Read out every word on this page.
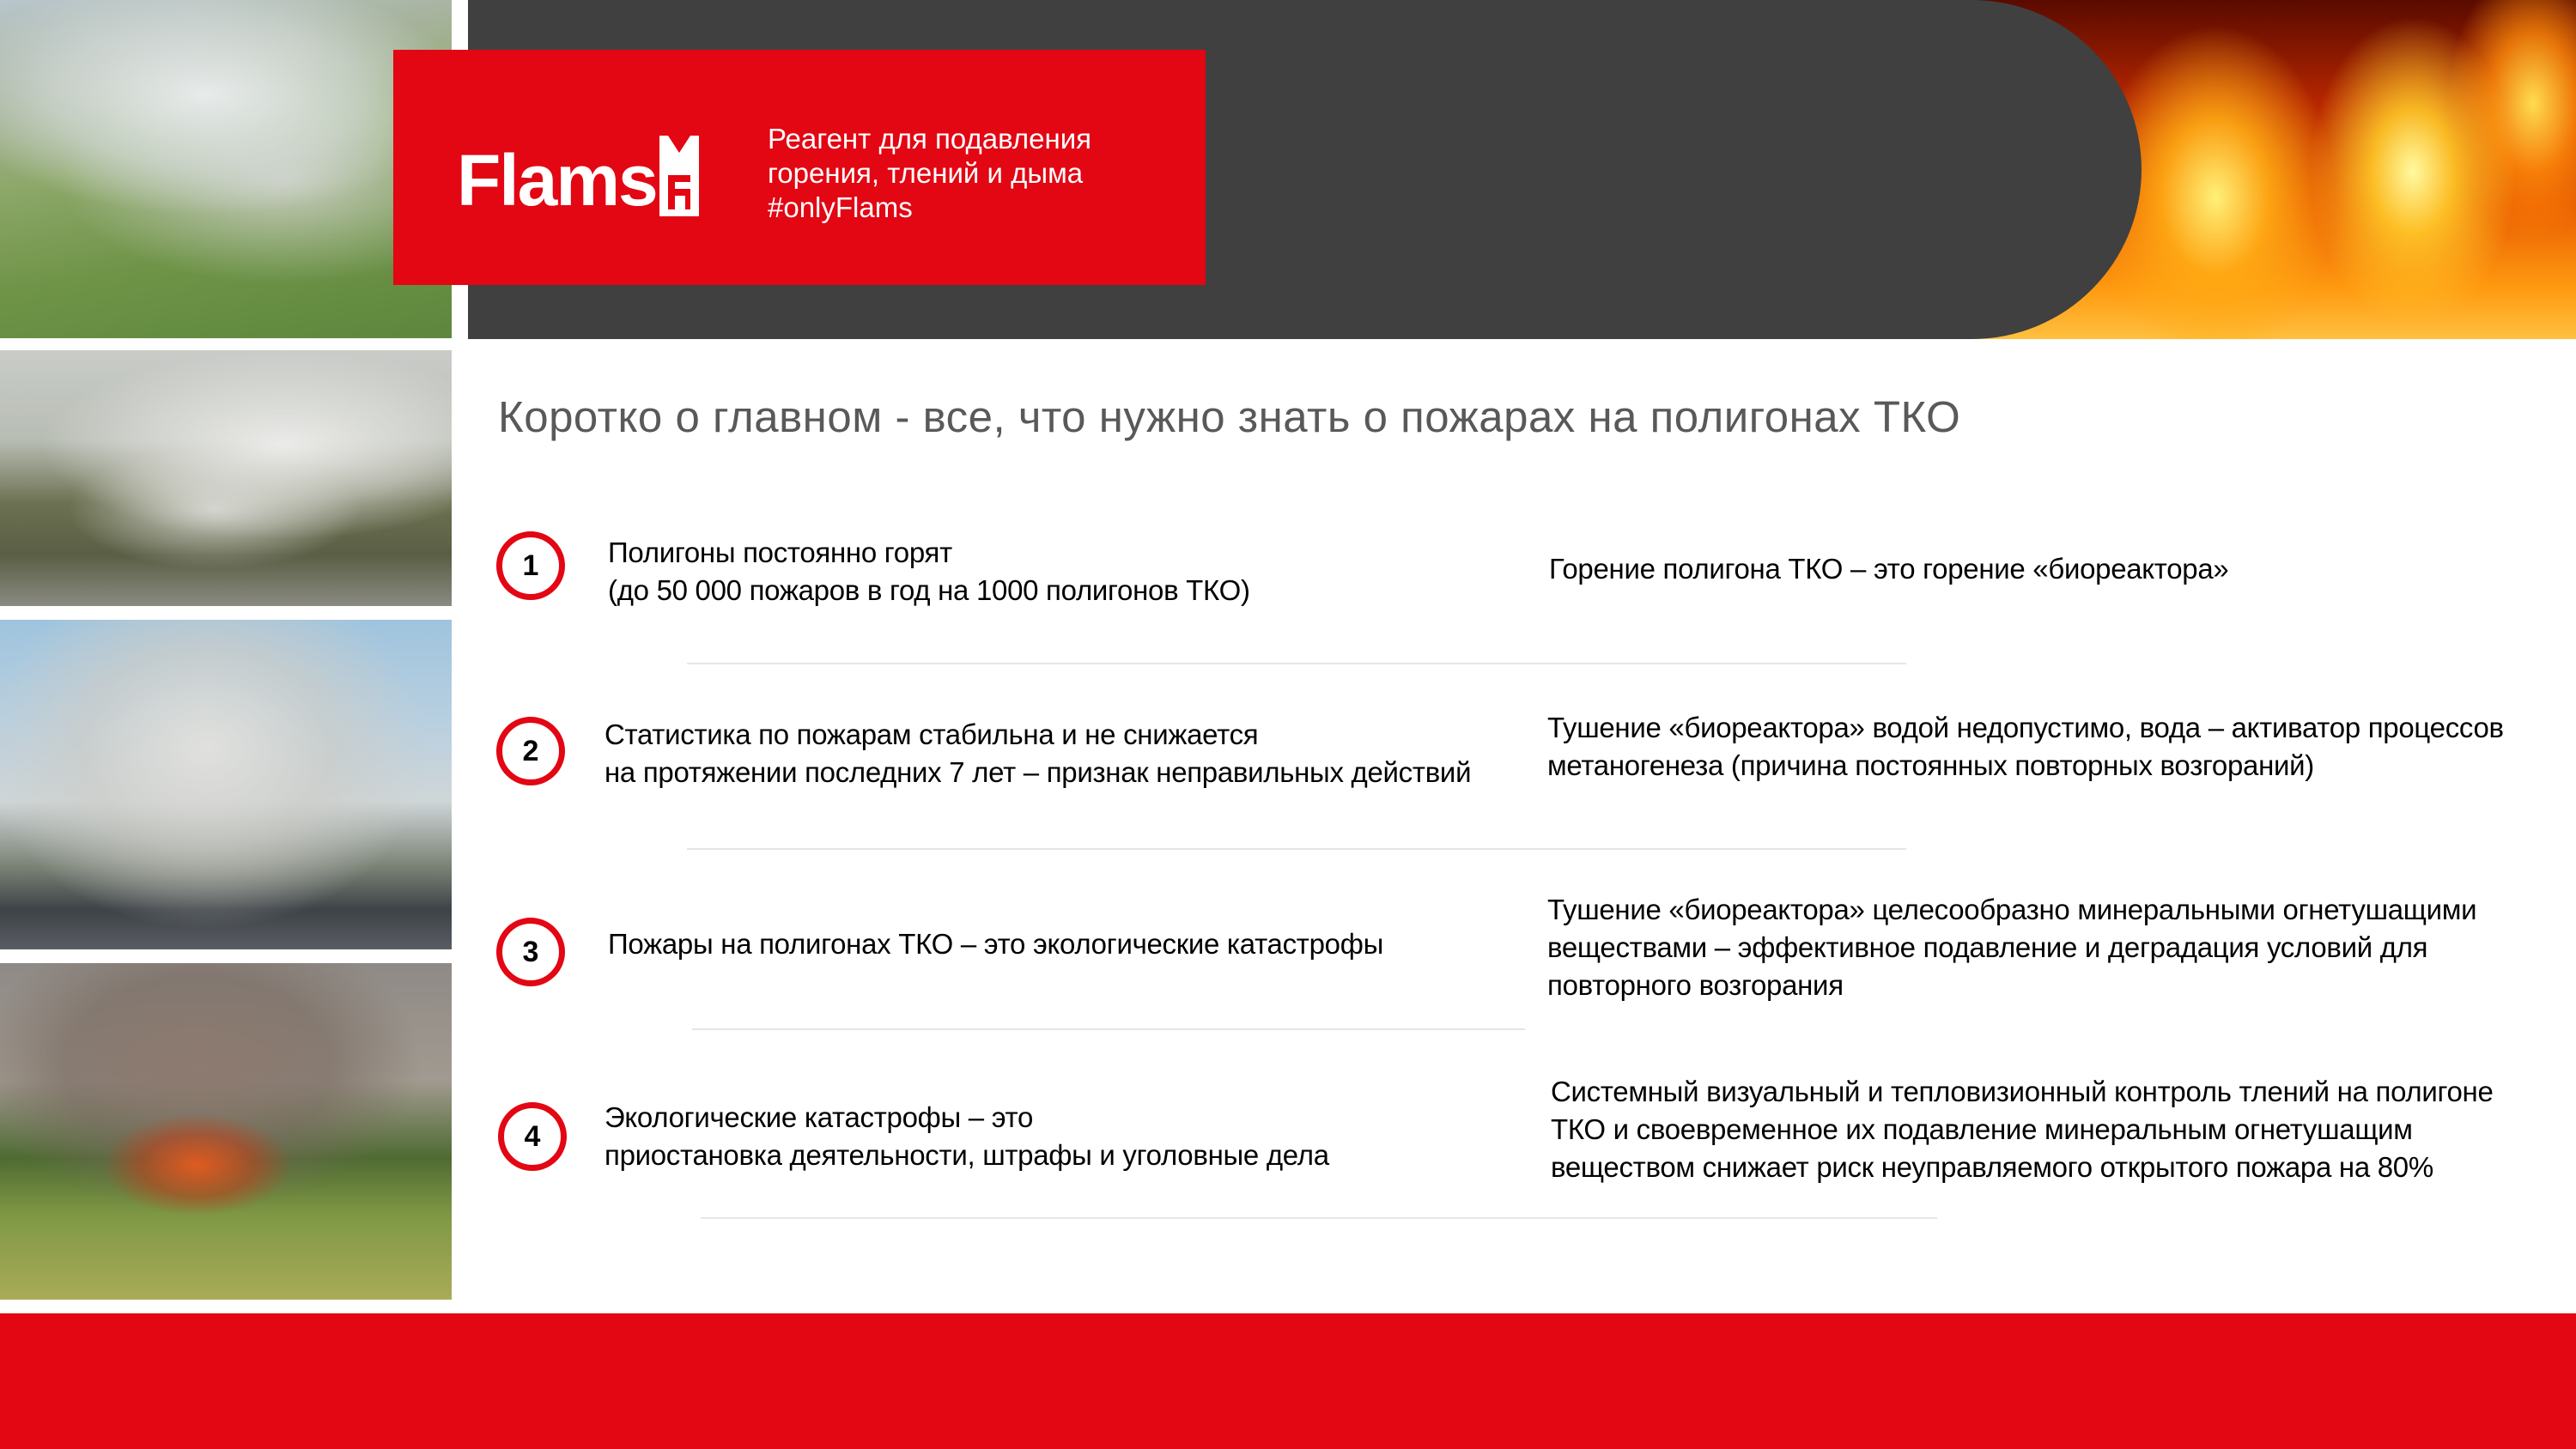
Flams
Реагент для подавления
горения, тлений и дыма
#onlyFlams
Коротко о главном - все, что нужно знать о пожарах на полигонах ТКО
1	Полигоны постоянно горят
(до 50 000 пожаров в год на 1000 полигонов ТКО)
Горение полигона ТКО – это горение «биореактора»
2
Статистика по пожарам стабильна и не снижается
на протяжении последних 7 лет – признак неправильных действий
Тушение «биореактора» водой недопустимо, вода – активатор процессов
метаногенеза (причина постоянных повторных возгораний)
3	Пожары на полигонах ТКО – это экологические катастрофы
Тушение «биореактора» целесообразно минеральными огнетушащими
веществами – эффективное подавление и деградация условий для
повторного возгорания
4
Экологические катастрофы – это
приостановка деятельности, штрафы и уголовные дела
Системный визуальный и тепловизионный контроль тлений на полигоне
ТКО и своевременное их подавление минеральным огнетушащим
веществом снижает риск неуправляемого открытого пожара на 80%
